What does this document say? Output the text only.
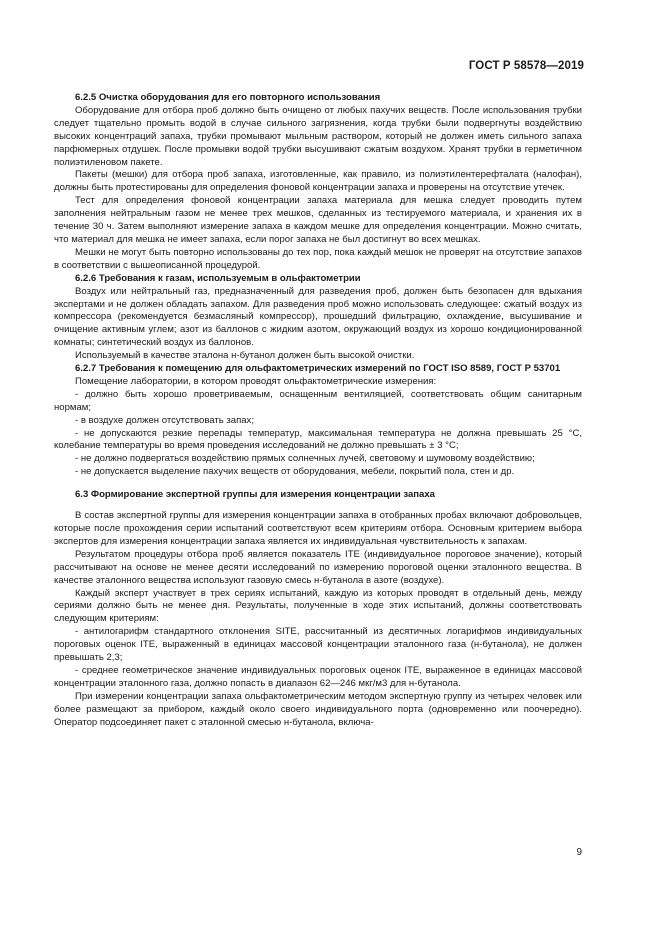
ГОСТ Р 58578—2019

6.2.5 Очистка оборудования для его повторного использования

Оборудование для отбора проб должно быть очищено от любых пахучих веществ. После использования трубки следует тщательно промыть водой в случае сильного загрязнения, когда трубки были подвергнуты воздействию высоких концентраций запаха, трубки промывают мыльным раствором, который не должен иметь сильного запаха парфюмерных отдушек. После промывки водой трубки высушивают сжатым воздухом. Хранят трубки в герметичном полиэтиленовом пакете.

Пакеты (мешки) для отбора проб запаха, изготовленные, как правило, из полиэтилентерефталата (налофан), должны быть протестированы для определения фоновой концентрации запаха и проверены на отсутствие утечек.

Тест для определения фоновой концентрации запаха материала для мешка следует проводить путем заполнения нейтральным газом не менее трех мешков, сделанных из тестируемого материала, и хранения их в течение 30 ч. Затем выполняют измерение запаха в каждом мешке для определения концентрации. Можно считать, что материал для мешка не имеет запаха, если порог запаха не был достигнут во всех мешках.

Мешки не могут быть повторно использованы до тех пор, пока каждый мешок не проверят на отсутствие запахов в соответствии с вышеописанной процедурой.

6.2.6 Требования к газам, используемым в ольфактометрии

Воздух или нейтральный газ, предназначенный для разведения проб, должен быть безопасен для вдыхания экспертами и не должен обладать запахом. Для разведения проб можно использовать следующее: сжатый воздух из компрессора (рекомендуется безмасляный компрессор), прошедший фильтрацию, охлаждение, высушивание и очищение активным углем; азот из баллонов с жидким азотом, окружающий воздух из хорошо кондиционированной комнаты; синтетический воздух из баллонов.

Используемый в качестве эталона н-бутанол должен быть высокой очистки.

6.2.7 Требования к помещению для ольфактометрических измерений по ГОСТ ISO 8589, ГОСТ Р 53701

Помещение лаборатории, в котором проводят ольфактометрические измерения:

- должно быть хорошо проветриваемым, оснащенным вентиляцией, соответствовать общим санитарным нормам;

- в воздухе должен отсутствовать запах;

- не допускаются резкие перепады температур, максимальная температура не должна превышать 25 °С, колебание температуры во время проведения исследований не должно превышать ± 3 °С;

- не должно подвергаться воздействию прямых солнечных лучей, световому и шумовому воздействию;

- не допускается выделение пахучих веществ от оборудования, мебели, покрытий пола, стен и др.

6.3 Формирование экспертной группы для измерения концентрации запаха

В состав экспертной группы для измерения концентрации запаха в отобранных пробах включают добровольцев, которые после прохождения серии испытаний соответствуют всем критериям отбора. Основным критерием выбора экспертов для измерения концентрации запаха является их индивидуальная чувствительность к запахам.

Результатом процедуры отбора проб является показатель ITE (индивидуальное пороговое значение), который рассчитывают на основе не менее десяти исследований по измерению пороговой оценки эталонного вещества. В качестве эталонного вещества используют газовую смесь н-бутанола в азоте (воздухе).

Каждый эксперт участвует в трех сериях испытаний, каждую из которых проводят в отдельный день, между сериями должно быть не менее дня. Результаты, полученные в ходе этих испытаний, должны соответствовать следующим критериям:

- антилогарифм стандартного отклонения SITE, рассчитанный из десятичных логарифмов индивидуальных пороговых оценок ITE, выраженный в единицах массовой концентрации эталонного газа (н-бутанола), не должен превышать 2,3;

- среднее геометрическое значение индивидуальных пороговых оценок ITE, выраженное в единицах массовой концентрации эталонного газа, должно попасть в диапазон 62—246 мкг/м3 для н-бутанола.

При измерении концентрации запаха ольфактометрическим методом экспертную группу из четырех человек или более размещают за прибором, каждый около своего индивидуального порта (одновременно или поочередно). Оператор подсоединяет пакет с эталонной смесью н-бутанола, включа-

9
